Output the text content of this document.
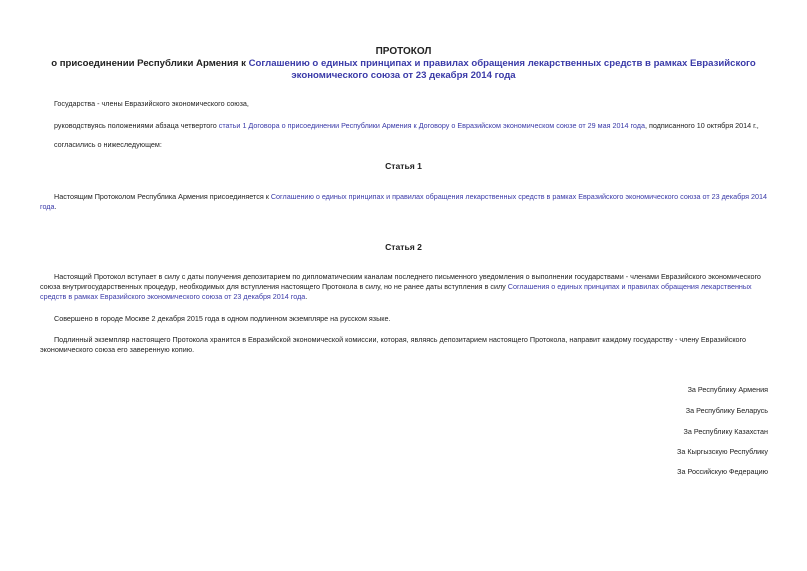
ПРОТОКОЛ
о присоединении Республики Армения к Соглашению о единых принципах и правилах обращения лекарственных средств в рамках Евразийского экономического союза от 23 декабря 2014 года
Государства - члены Евразийского экономического союза,
руководствуясь положениями абзаца четвертого статьи 1 Договора о присоединении Республики Армения к Договору о Евразийском экономическом союзе от 29 мая 2014 года, подписанного 10 октября 2014 г.,
согласились о нижеследующем:
Статья 1
Настоящим Протоколом Республика Армения присоединяется к Соглашению о единых принципах и правилах обращения лекарственных средств в рамках Евразийского экономического союза от 23 декабря 2014 года.
Статья 2
Настоящий Протокол вступает в силу с даты получения депозитарием по дипломатическим каналам последнего письменного уведомления о выполнении государствами - членами Евразийского экономического союза внутригосударственных процедур, необходимых для вступления настоящего Протокола в силу, но не ранее даты вступления в силу Соглашения о единых принципах и правилах обращения лекарственных средств в рамках Евразийского экономического союза от 23 декабря 2014 года.
Совершено в городе Москве 2 декабря 2015 года в одном подлинном экземпляре на русском языке.
Подлинный экземпляр настоящего Протокола хранится в Евразийской экономической комиссии, которая, являясь депозитарием настоящего Протокола, направит каждому государству - члену Евразийского экономического союза его заверенную копию.
За Республику Армения
За Республику Беларусь
За Республику Казахстан
За Кыргызскую Республику
За Российскую Федерацию
